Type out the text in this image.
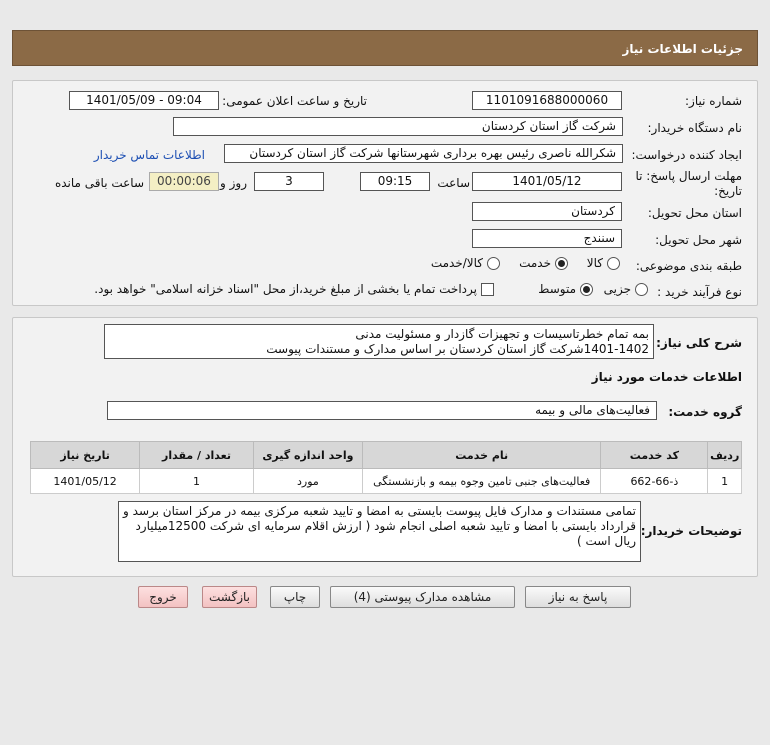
جزئیات اطلاعات نیاز
شماره نیاز:
1101091688000060
تاریخ و ساعت اعلان عمومی:
1401/05/09 - 09:04
نام دستگاه خریدار:
شرکت گاز استان کردستان
ایجاد کننده درخواست:
شکرالله ناصری رئیس بهره برداری شهرستانها شرکت گاز استان کردستان
اطلاعات تماس خریدار
مهلت ارسال پاسخ: تا
تاریخ:
1401/05/12
ساعت
09:15
3
روز و
00:00:06
ساعت باقی مانده
استان محل تحویل:
کردستان
شهر محل تحویل:
سنندج
طبقه بندی موضوعی:
کالا
خدمت
کالا/خدمت
نوع فرآیند خرید :
جزیی
متوسط
پرداخت تمام یا بخشی از مبلغ خرید،از محل "اسناد خزانه اسلامی" خواهد بود.
شرح کلی نیاز:
بمه تمام خطرتاسیسات و تجهیزات گازدار و مسئولیت مدنی
1401-1402شرکت گاز استان کردستان بر اساس مدارک و مستندات پیوست
اطلاعات خدمات مورد نیاز
گروه خدمت:
فعالیت‌های مالی و بیمه
ردیف	کد خدمت	نام خدمت	واحد اندازه گیری	تعداد / مقدار	تاریخ نیاز
1	ذ-66-662	فعالیت‌های جنبی تامین وجوه بیمه و بازنشستگی	مورد	1	1401/05/12
توضیحات خریدار:
تمامی مستندات و مدارک فایل پیوست بایستی به امضا و تایید شعبه مرکزی بیمه در مرکز استان برسد و قرارداد بایستی با امضا و تایید شعبه اصلی انجام شود ( ارزش اقلام سرمایه ای شرکت 12500میلیارد ریال است )
پاسخ به نیاز
مشاهده مدارک پیوستی (4)
چاپ
بازگشت
خروج
